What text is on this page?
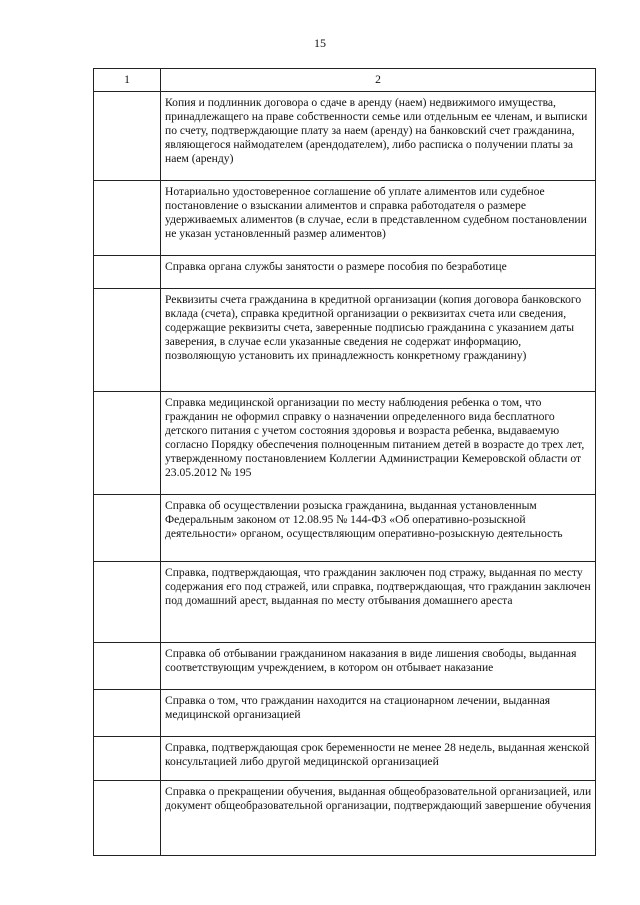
15
1	2

	Копия и подлинник договора о сдаче в аренду (наем) недвижимого имущества, принадлежащего на праве собственности семье или отдельным ее членам, и выписки по счету, подтверждающие плату за наем (аренду) на банковский счет гражданина, являющегося наймодателем (арендодателем), либо расписка о получении платы за наем (аренду)

	Нотариально удостоверенное соглашение об уплате алиментов или судебное постановление о взыскании алиментов и справка работодателя о размере удерживаемых алиментов (в случае, если в представленном судебном постановлении не указан установленный размер алиментов)

	Справка органа службы занятости о размере пособия по безработице

	Реквизиты счета гражданина в кредитной организации (копия договора банковского вклада (счета), справка кредитной организации о реквизитах счета или сведения, содержащие реквизиты счета, заверенные подписью гражданина с указанием даты заверения, в случае если указанные сведения не содержат информацию, позволяющую установить их принадлежность конкретному гражданину)

	Справка медицинской организации по месту наблюдения ребенка о том, что гражданин не оформил справку о назначении определенного вида бесплатного детского питания с учетом состояния здоровья и возраста ребенка, выдаваемую согласно Порядку обеспечения полноценным питанием детей в возрасте до трех лет, утвержденному постановлением Коллегии Администрации Кемеровской области от 23.05.2012 № 195

	Справка об осуществлении розыска гражданина, выданная установленным Федеральным законом от 12.08.95 № 144-ФЗ «Об оперативно-розыскной деятельности» органом, осуществляющим оперативно-розыскную деятельность

	Справка, подтверждающая, что гражданин заключен под стражу, выданная по месту содержания его под стражей, или справка, подтверждающая, что гражданин заключен под домашний арест, выданная по месту отбывания домашнего ареста

	Справка об отбывании гражданином наказания в виде лишения свободы, выданная соответствующим учреждением, в котором он отбывает наказание

	Справка о том, что гражданин находится на стационарном лечении, выданная медицинской организацией

	Справка, подтверждающая срок беременности не менее 28 недель, выданная женской консультацией либо другой медицинской организацией

	Справка о прекращении обучения, выданная общеобразовательной организацией, или документ общеобразовательной организации, подтверждающий завершение обучения
